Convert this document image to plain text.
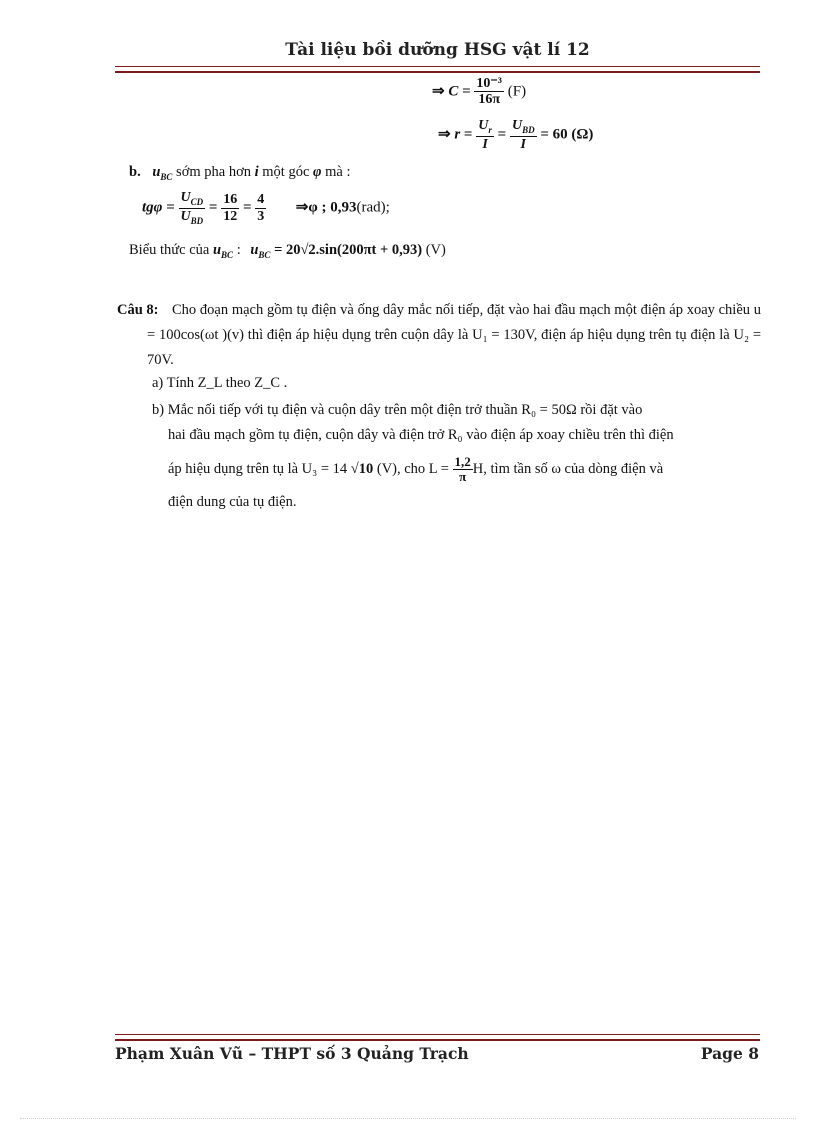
Tài liệu bồi dưỡng HSG vật lí 12
⇒ $C = \frac{\text{10⁻³}}{16\pi} (F)$
⇒ $r = \frac{U_r}{I} = \frac{U_{BD}}{I} = 60$ (Ω)
b. $u_{BC}$ sớm pha hơn i một góc φ mà :
$tg\varphi = \frac{U_{CD}}{U_{BD}} = \frac{16}{12} = \frac{4}{3}$ ⇒φ ; 0,93(rad);
Biểu thức của $u_{BC}$ : $u_{BC} = 20√2.\sin(200\pi t + 0,93)$ (V)
Câu 8: Cho đoạn mạch gồm tụ điện và ống dây mắc nối tiếp, đặt vào hai đầu mạch một điện áp xoay chiều u = 100cos(ωt )(v) thì điện áp hiệu dụng trên cuộn dây là U₁ = 130V, điện áp hiệu dụng trên tụ điện là U₂ = 70V.
a) Tính Z_L theo Z_C .
b) Mắc nối tiếp với tụ điện và cuộn dây trên một điện trở thuần R₀ = 50Ω rồi đặt vào
hai đầu mạch gồm tụ điện, cuộn dây và điện trở R₀ vào điện áp xoay chiều trên thì điện
áp hiệu dụng trên tụ là U₃ = 14 √10 (V), cho $L = \frac{1,2}{\pi} H$, tìm tần số ω của dòng điện và
điện dung của tụ điện.
Phạm Xuân Vũ – THPT số 3 Quảng Trạch	Page 8
